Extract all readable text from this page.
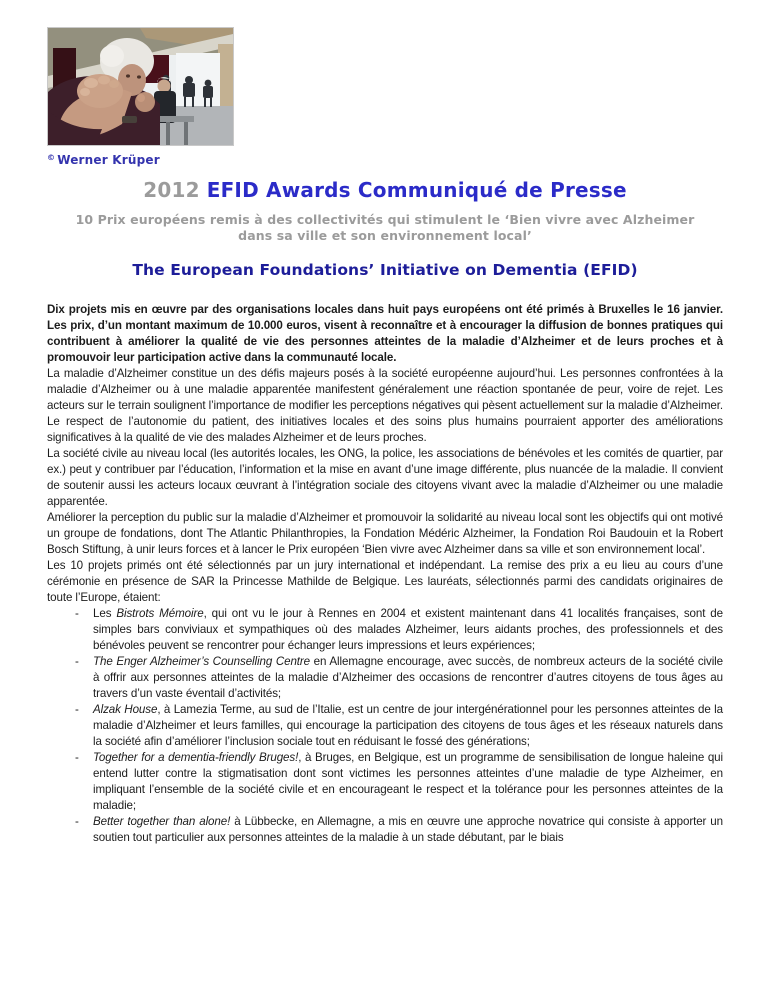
© Werner Krüper
2012 EFID Awards Communiqué de Presse
10 Prix européens remis à des collectivités qui stimulent le ‘Bien vivre avec Alzheimer dans sa ville et son environnement local’
The European Foundations’ Initiative on Dementia (EFID)

Dix projets mis en œuvre par des organisations locales dans huit pays européens ont été primés à Bruxelles le 16 janvier. Les prix, d’un montant maximum de 10.000 euros, visent à reconnaître et à encourager la diffusion de bonnes pratiques qui contribuent à améliorer la qualité de vie des personnes atteintes de la maladie d’Alzheimer et de leurs proches et à promouvoir leur participation active dans la communauté locale.

La maladie d’Alzheimer constitue un des défis majeurs posés à la société européenne aujourd’hui. Les personnes confrontées à la maladie d’Alzheimer ou à une maladie apparentée manifestent généralement une réaction spontanée de peur, voire de rejet. Les acteurs sur le terrain soulignent l’importance de modifier les perceptions négatives qui pèsent actuellement sur la maladie d’Alzheimer. Le respect de l’autonomie du patient, des initiatives locales et des soins plus humains pourraient apporter des améliorations significatives à la qualité de vie des malades Alzheimer et de leurs proches.

La société civile au niveau local (les autorités locales, les ONG, la police, les associations de bénévoles et les comités de quartier, par ex.) peut y contribuer par l’éducation, l’information et la mise en avant d’une image différente, plus nuancée de la maladie. Il convient de soutenir aussi les acteurs locaux œuvrant à l’intégration sociale des citoyens vivant avec la maladie d’Alzheimer ou une maladie apparentée.

Améliorer la perception du public sur la maladie d’Alzheimer et promouvoir la solidarité au niveau local sont les objectifs qui ont motivé un groupe de fondations, dont The Atlantic Philanthropies, la Fondation Médéric Alzheimer, la Fondation Roi Baudouin et la Robert Bosch Stiftung, à unir leurs forces et à lancer le Prix européen ‘Bien vivre avec Alzheimer dans sa ville et son environnement local’.

Les 10 projets primés ont été sélectionnés par un jury international et indépendant. La remise des prix a eu lieu au cours d’une cérémonie en présence de SAR la Princesse Mathilde de Belgique. Les lauréats, sélectionnés parmi des candidats originaires de toute l’Europe, étaient:

-	Les Bistrots Mémoire, qui ont vu le jour à Rennes en 2004 et existent maintenant dans 41 localités françaises, sont de simples bars conviviaux et sympathiques où des malades Alzheimer, leurs aidants proches, des professionnels et des bénévoles peuvent se rencontrer pour échanger leurs impressions et leurs expériences;
-	The Enger Alzheimer’s Counselling Centre en Allemagne encourage, avec succès, de nombreux acteurs de la société civile à offrir aux personnes atteintes de la maladie d’Alzheimer des occasions de rencontrer d’autres citoyens de tous âges au travers d’un vaste éventail d’activités;
-	Alzak House, à Lamezia Terme, au sud de l’Italie, est un centre de jour intergénérationnel pour les personnes atteintes de la maladie d’Alzheimer et leurs familles, qui encourage la participation des citoyens de tous âges et les réseaux naturels dans la société afin d’améliorer l’inclusion sociale tout en réduisant le fossé des générations;
-	Together for a dementia-friendly Bruges!, à Bruges, en Belgique, est un programme de sensibilisation de longue haleine qui entend lutter contre la stigmatisation dont sont victimes les personnes atteintes d’une maladie de type Alzheimer, en impliquant l’ensemble de la société civile et en encourageant le respect et la tolérance pour les personnes atteintes de la maladie;
-	Better together than alone! à Lübbecke, en Allemagne, a mis en œuvre une approche novatrice qui consiste à apporter un soutien tout particulier aux personnes atteintes de la maladie à un stade débutant, par le biais
